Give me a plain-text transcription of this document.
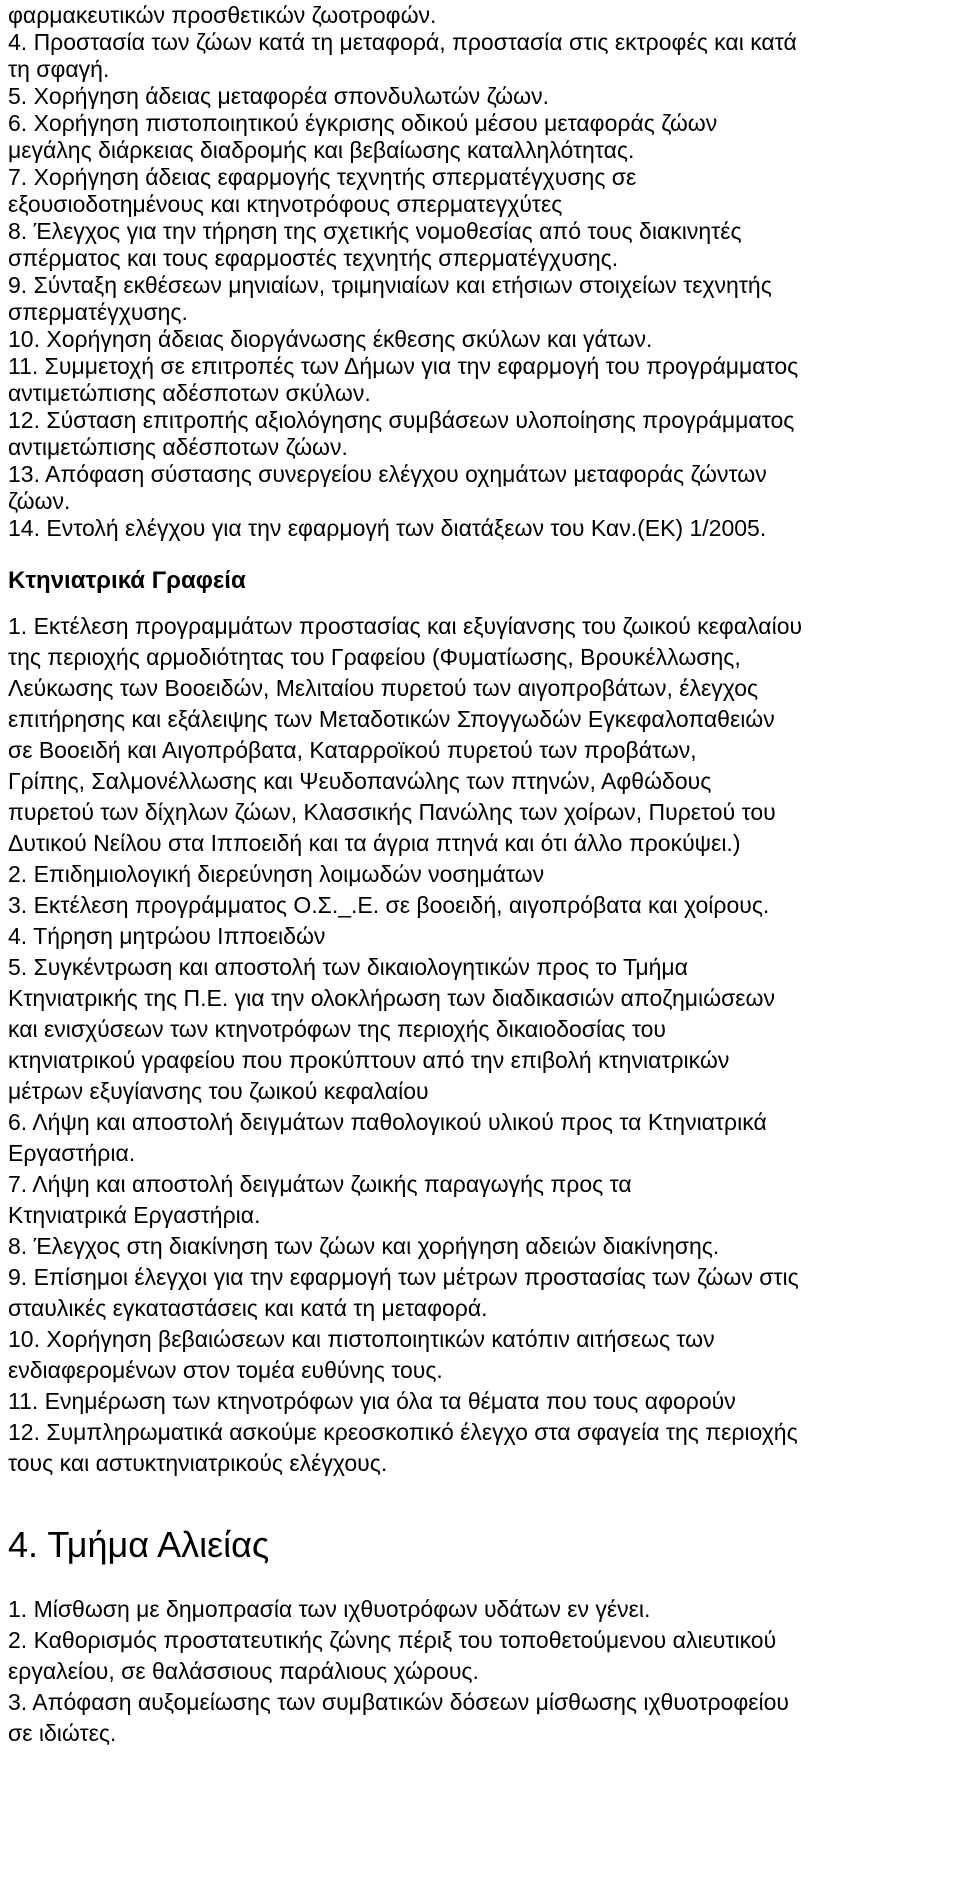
φαρμακευτικών προσθετικών ζωοτροφών.
4. Προστασία των ζώων κατά τη μεταφορά, προστασία στις εκτροφές και κατά
τη σφαγή.
5. Χορήγηση άδειας μεταφορέα σπονδυλωτών ζώων.
6. Χορήγηση πιστοποιητικού έγκρισης οδικού μέσου μεταφοράς ζώων
μεγάλης διάρκειας διαδρομής και βεβαίωσης καταλληλότητας.
7. Χορήγηση άδειας εφαρμογής τεχνητής σπερματέγχυσης σε
εξουσιοδοτημένους και κτηνοτρόφους σπερματεγχύτες
8. Έλεγχος για την τήρηση της σχετικής νομοθεσίας από τους διακινητές
σπέρματος και τους εφαρμοστές τεχνητής σπερματέγχυσης.
9. Σύνταξη εκθέσεων μηνιαίων, τριμηνιαίων και ετήσιων στοιχείων τεχνητής
σπερματέγχυσης.
10. Χορήγηση άδειας διοργάνωσης έκθεσης σκύλων και γάτων.
11. Συμμετοχή σε επιτροπές των Δήμων για την εφαρμογή του προγράμματος
αντιμετώπισης αδέσποτων σκύλων.
12. Σύσταση επιτροπής αξιολόγησης συμβάσεων υλοποίησης προγράμματος
αντιμετώπισης αδέσποτων ζώων.
13. Απόφαση σύστασης συνεργείου ελέγχου οχημάτων μεταφοράς ζώντων
ζώων.
14. Εντολή ελέγχου για την εφαρμογή των διατάξεων του Καν.(ΕΚ) 1/2005.
Κτηνιατρικά Γραφεία
1. Εκτέλεση προγραμμάτων προστασίας και εξυγίανσης του ζωικού κεφαλαίου
της περιοχής αρμοδιότητας του Γραφείου (Φυματίωσης, Βρουκέλλωσης,
Λεύκωσης των Βοοειδών, Μελιταίου πυρετού των αιγοπροβάτων, έλεγχος
επιτήρησης και εξάλειψης των Μεταδοτικών Σπογγωδών Εγκεφαλοπαθειών
σε Βοοειδή και Αιγοπρόβατα, Καταρροϊκού πυρετού των προβάτων,
Γρίπης, Σαλμονέλλωσης και Ψευδοπανώλης των πτηνών, Αφθώδους
πυρετού των δίχηλων ζώων, Κλασσικής Πανώλης των χοίρων, Πυρετού του
Δυτικού Νείλου στα Ιπποειδή και τα άγρια πτηνά και ότι άλλο προκύψει.)
2. Επιδημιολογική διερεύνηση λοιμωδών νοσημάτων
3. Εκτέλεση προγράμματος Ο.Σ._.Ε. σε βοοειδή, αιγοπρόβατα και χοίρους.
4. Τήρηση μητρώου Ιπποειδών
5. Συγκέντρωση και αποστολή των δικαιολογητικών προς το Τμήμα
Κτηνιατρικής της Π.Ε. για την ολοκλήρωση των διαδικασιών αποζημιώσεων
και ενισχύσεων των κτηνοτρόφων της περιοχής δικαιοδοσίας του
κτηνιατρικού γραφείου που προκύπτουν από την επιβολή κτηνιατρικών
μέτρων εξυγίανσης του ζωικού κεφαλαίου
6. Λήψη και αποστολή δειγμάτων παθολογικού υλικού προς τα Κτηνιατρικά
Εργαστήρια.
7. Λήψη και αποστολή δειγμάτων ζωικής παραγωγής προς τα
Κτηνιατρικά Εργαστήρια.
8. Έλεγχος στη διακίνηση των ζώων και χορήγηση αδειών διακίνησης.
9. Επίσημοι έλεγχοι για την εφαρμογή των μέτρων προστασίας των ζώων στις
σταυλικές εγκαταστάσεις και κατά τη μεταφορά.
10. Χορήγηση βεβαιώσεων και πιστοποιητικών κατόπιν αιτήσεως των
ενδιαφερομένων στον τομέα ευθύνης τους.
11. Ενημέρωση των κτηνοτρόφων για όλα τα θέματα που τους αφορούν
12. Συμπληρωματικά ασκούμε κρεοσκοπικό έλεγχο στα σφαγεία της περιοχής
τους και αστυκτηνιατρικούς ελέγχους.
4. Τμήμα Αλιείας
1. Μίσθωση με δημοπρασία των ιχθυοτρόφων υδάτων εν γένει.
2. Καθορισμός προστατευτικής ζώνης πέριξ του τοποθετούμενου αλιευτικού
εργαλείου, σε θαλάσσιους παράλιους χώρους.
3. Απόφαση αυξομείωσης των συμβατικών δόσεων μίσθωσης ιχθυοτροφείου
σε ιδιώτες.
